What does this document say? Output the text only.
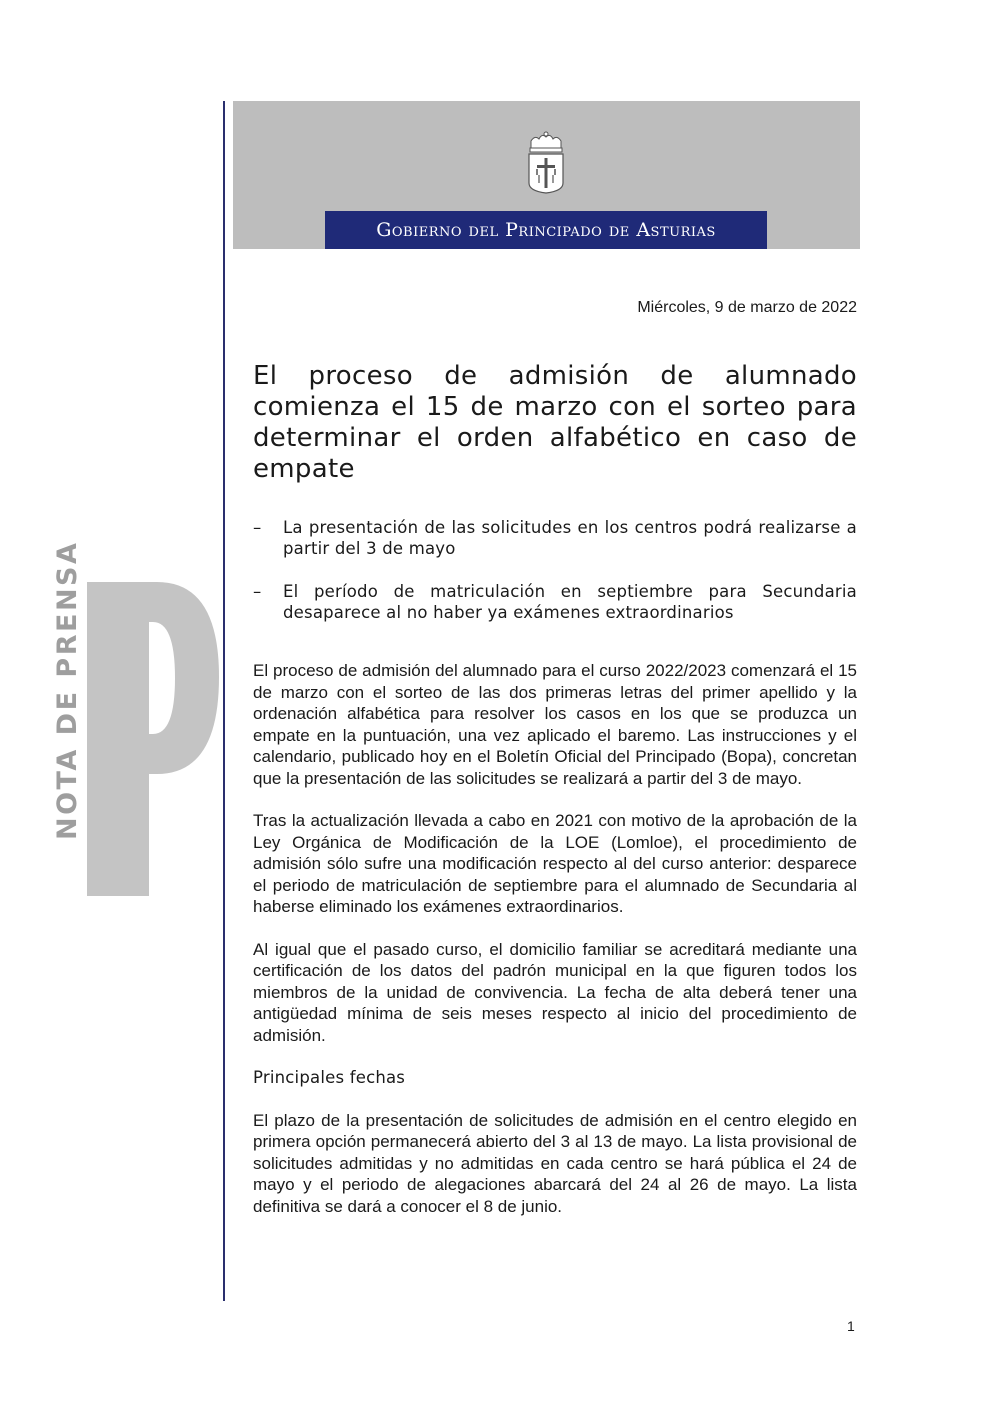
Gobierno del Principado de Asturias
Miércoles, 9 de marzo de 2022
El proceso de admisión de alumnado comienza el 15 de marzo con el sorteo para determinar el orden alfabético en caso de empate
–	La presentación de las solicitudes en los centros podrá realizarse a partir del 3 de mayo
–	El período de matriculación en septiembre para Secundaria desaparece al no haber ya exámenes extraordinarios

El proceso de admisión del alumnado para el curso 2022/2023 comenzará el 15 de marzo con el sorteo de las dos primeras letras del primer apellido y la ordenación alfabética para resolver los casos en los que se produzca un empate en la puntuación, una vez aplicado el baremo. Las instrucciones y el calendario, publicado hoy en el Boletín Oficial del Principado (Bopa), concretan que la presentación de las solicitudes se realizará a partir del 3 de mayo.

Tras la actualización llevada a cabo en 2021 con motivo de la aprobación de la Ley Orgánica de Modificación de la LOE (Lomloe), el procedimiento de admisión sólo sufre una modificación respecto al del curso anterior: desparece el periodo de matriculación de septiembre para el alumnado de Secundaria al haberse eliminado los exámenes extraordinarios.

Al igual que el pasado curso, el domicilio familiar se acreditará mediante una certificación de los datos del padrón municipal en la que figuren todos los miembros de la unidad de convivencia. La fecha de alta deberá tener una antigüedad mínima de seis meses respecto al inicio del procedimiento de admisión.

Principales fechas

El plazo de la presentación de solicitudes de admisión en el centro elegido en primera opción permanecerá abierto del 3 al 13 de mayo. La lista provisional de solicitudes admitidas y no admitidas en cada centro se hará pública el 24 de mayo y el periodo de alegaciones abarcará del 24 al 26 de mayo. La lista definitiva se dará a conocer el 8 de junio.

NOTA DE PRENSA
1
